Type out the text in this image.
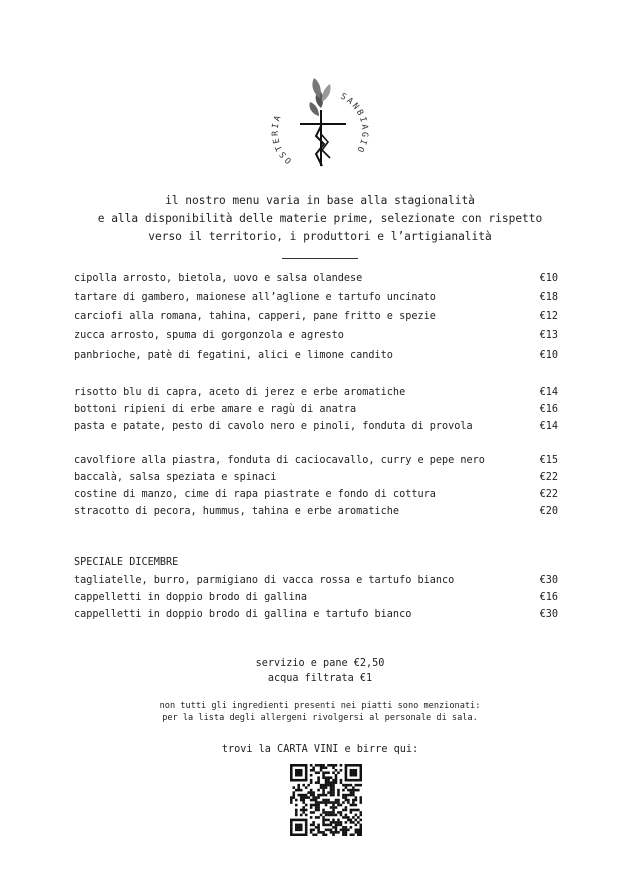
OSTERIA
SANBIAGIO
il nostro menu varia in base alla stagionalità
e alla disponibilità delle materie prime, selezionate con rispetto
verso il territorio, i produttori e l’artigianalità
cipolla arrosto, bietola, uovo e salsa olandese	€10
tartare di gambero, maionese all’aglione e tartufo uncinato	€18
carciofi alla romana, tahina, capperi, pane fritto e spezie	€12
zucca arrosto, spuma di gorgonzola e agresto	€13
panbrioche, patè di fegatini, alici e limone candito	€10
risotto blu di capra, aceto di jerez e erbe aromatiche	€14
bottoni ripieni di erbe amare e ragù di anatra	€16
pasta e patate, pesto di cavolo nero e pinoli, fonduta di provola	€14
cavolfiore alla piastra, fonduta di caciocavallo, curry e pepe nero	€15
baccalà, salsa speziata e spinaci	€22
costine di manzo, cime di rapa piastrate e fondo di cottura	€22
stracotto di pecora, hummus, tahina e erbe aromatiche	€20
SPECIALE DICEMBRE
tagliatelle, burro, parmigiano di vacca rossa e tartufo bianco	€30
cappelletti in doppio brodo di gallina	€16
cappelletti in doppio brodo di gallina e tartufo bianco	€30
servizio e pane €2,50
acqua filtrata €1
non tutti gli ingredienti presenti nei piatti sono menzionati:
per la lista degli allergeni rivolgersi al personale di sala.
trovi la CARTA VINI e birre qui:
